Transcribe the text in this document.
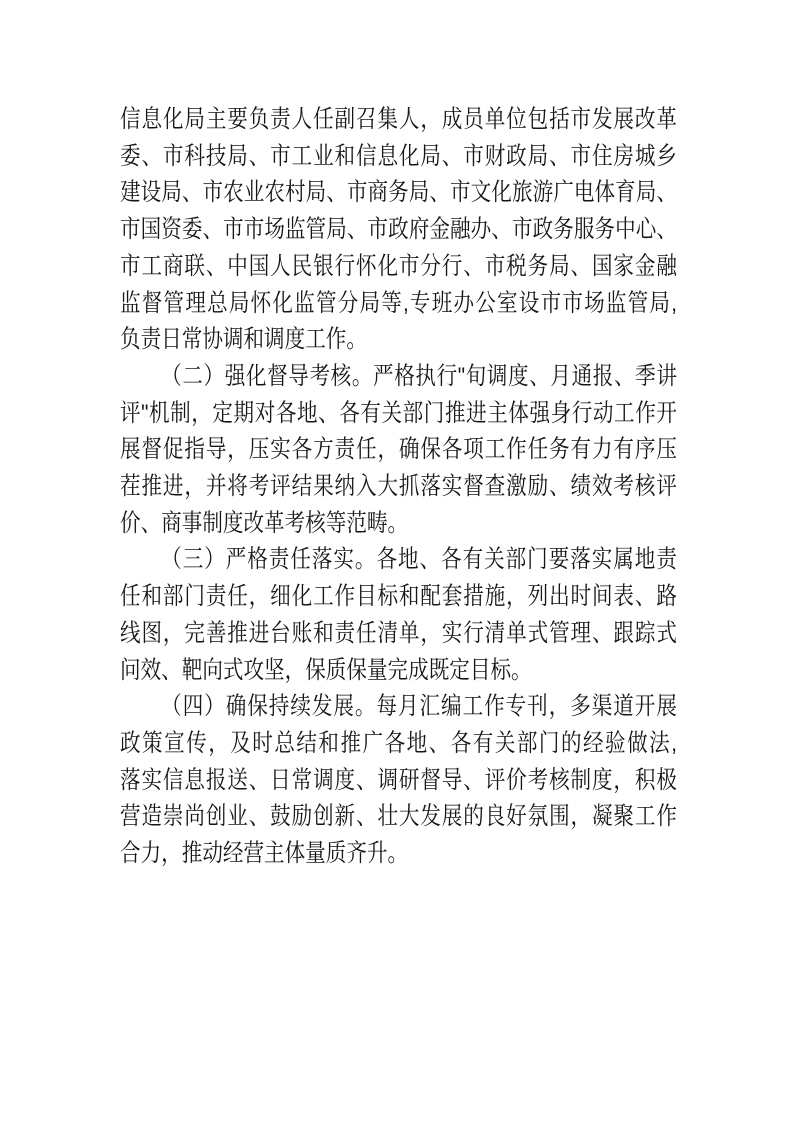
信息化局主要负责人任副召集人，成员单位包括市发展改革
委、市科技局、市工业和信息化局、市财政局、市住房城乡
建设局、市农业农村局、市商务局、市文化旅游广电体育局、
市国资委、市市场监管局、市政府金融办、市政务服务中心、
市工商联、中国人民银行怀化市分行、市税务局、国家金融
监督管理总局怀化监管分局等,专班办公室设市市场监管局,
负责日常协调和调度工作。
（二）强化督导考核。严格执行"旬调度、月通报、季讲
评"机制，定期对各地、各有关部门推进主体强身行动工作开
展督促指导，压实各方责任，确保各项工作任务有力有序压
茬推进，并将考评结果纳入大抓落实督查激励、绩效考核评
价、商事制度改革考核等范畴。
（三）严格责任落实。各地、各有关部门要落实属地责
任和部门责任，细化工作目标和配套措施，列出时间表、路
线图，完善推进台账和责任清单，实行清单式管理、跟踪式
问效、靶向式攻坚，保质保量完成既定目标。
（四）确保持续发展。每月汇编工作专刊，多渠道开展
政策宣传，及时总结和推广各地、各有关部门的经验做法,
落实信息报送、日常调度、调研督导、评价考核制度，积极
营造崇尚创业、鼓励创新、壮大发展的良好氛围，凝聚工作
合力，推动经营主体量质齐升。
